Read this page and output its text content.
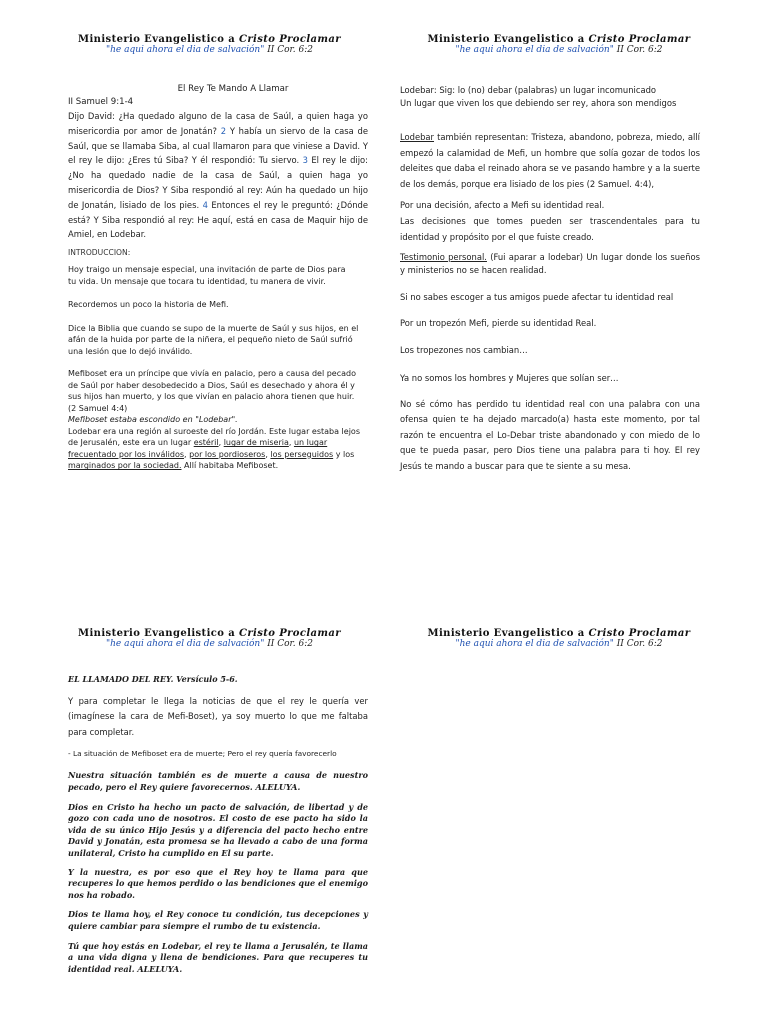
Ministerio Evangelistico a Cristo Proclamar
"he aqui ahora el dia de salvación" II Cor. 6:2

El Rey Te Mando A Llamar

II Samuel 9:1-4

Dijo David: ¿Ha quedado alguno de la casa de Saúl, a quien haga yo misericordia por amor de Jonatán? 2 Y había un siervo de la casa de Saúl, que se llamaba Siba, al cual llamaron para que viniese a David. Y el rey le dijo: ¿Eres tú Siba? Y él respondió: Tu siervo. 3 El rey le dijo: ¿No ha quedado nadie de la casa de Saúl, a quien haga yo misericordia de Dios? Y Siba respondió al rey: Aún ha quedado un hijo de Jonatán, lisiado de los pies. 4 Entonces el rey le preguntó: ¿Dónde está? Y Siba respondió al rey: He aquí, está en casa de Maquir hijo de Amiel, en Lodebar.

INTRODUCCION:

Hoy traigo un mensaje especial, una invitación de parte de Dios para tu vida. Un mensaje que tocara tu identidad, tu manera de vivir.

Recordemos un poco la historia de Mefi.

Dice la Biblia que cuando se supo de la muerte de Saúl y sus hijos, en el afán de la huida por parte de la niñera, el pequeño nieto de Saúl sufrió una lesión que lo dejó inválido.

Mefiboset era un príncipe que vivía en palacio, pero a causa del pecado de Saúl por haber desobedecido a Dios, Saúl es desechado y ahora él y sus hijos han muerto, y los que vivían en palacio ahora tienen que huir.

(2 Samuel 4:4)

Mefiboset estaba escondido en "Lodebar".

Lodebar era una región al suroeste del río Jordán. Este lugar estaba lejos de Jerusalén, este era un lugar estéril, lugar de miseria, un lugar frecuentado por los inválidos, por los pordioseros, los perseguidos y los marginados por la sociedad. Allí habitaba Mefiboset.

Ministerio Evangelistico a Cristo Proclamar
"he aqui ahora el dia de salvación" II Cor. 6:2

Lodebar: Sig: lo (no) debar (palabras) un lugar incomunicado

Un lugar que viven los que debiendo ser rey, ahora son mendigos

Lodebar también representan: Tristeza, abandono, pobreza, miedo, allí empezó la calamidad de Mefi, un hombre que solía gozar de todos los deleites que daba el reinado ahora se ve pasando hambre y a la suerte de los demás, porque era lisiado de los pies (2 Samuel. 4:4),

Por una decisión, afecto a Mefi su identidad real.

Las decisiones que tomes pueden ser trascendentales para tu identidad y propósito por el que fuiste creado.

Testimonio personal. (Fui aparar a lodebar) Un lugar donde los sueños y ministerios no se hacen realidad.

Si no sabes escoger a tus amigos puede afectar tu identidad real

Por un tropezón Mefi, pierde su identidad Real.

Los tropezones nos cambian…

Ya no somos los hombres y Mujeres que solían ser…

No sé cómo has perdido tu identidad real con una palabra con una ofensa quien te ha dejado marcado(a) hasta este momento, por tal razón te encuentra el Lo-Debar triste abandonado y con miedo de lo que te pueda pasar, pero Dios tiene una palabra para ti hoy. El rey Jesús te mando a buscar para que te siente a su mesa.

Ministerio Evangelistico a Cristo Proclamar
"he aqui ahora el dia de salvación" II Cor. 6:2

EL LLAMADO DEL REY. Versículo 5-6.

Y para completar le llega la noticias de que el rey le quería ver (imagínese la cara de Mefi-Boset), ya soy muerto lo que me faltaba para completar.

- La situación de Mefiboset era de muerte; Pero el rey quería favorecerlo

Nuestra situación también es de muerte a causa de nuestro pecado, pero el Rey quiere favorecernos. ALELUYA.

Dios en Cristo ha hecho un pacto de salvación, de libertad y de gozo con cada uno de nosotros. El costo de ese pacto ha sido la vida de su único Hijo Jesús y a diferencia del pacto hecho entre David y Jonatán, esta promesa se ha llevado a cabo de una forma unilateral, Cristo ha cumplido en El su parte.

Y la nuestra, es por eso que el Rey hoy te llama para que recuperes lo que hemos perdido o las bendiciones que el enemigo nos ha robado.

Dios te llama hoy, el Rey conoce tu condición, tus decepciones y quiere cambiar para siempre el rumbo de tu existencia.

Tú que hoy estás en Lodebar, el rey te llama a Jerusalén, te llama a una vida digna y llena de bendiciones. Para que recuperes tu identidad real. ALELUYA.

Ministerio Evangelistico a Cristo Proclamar
"he aqui ahora el dia de salvación" II Cor. 6:2
